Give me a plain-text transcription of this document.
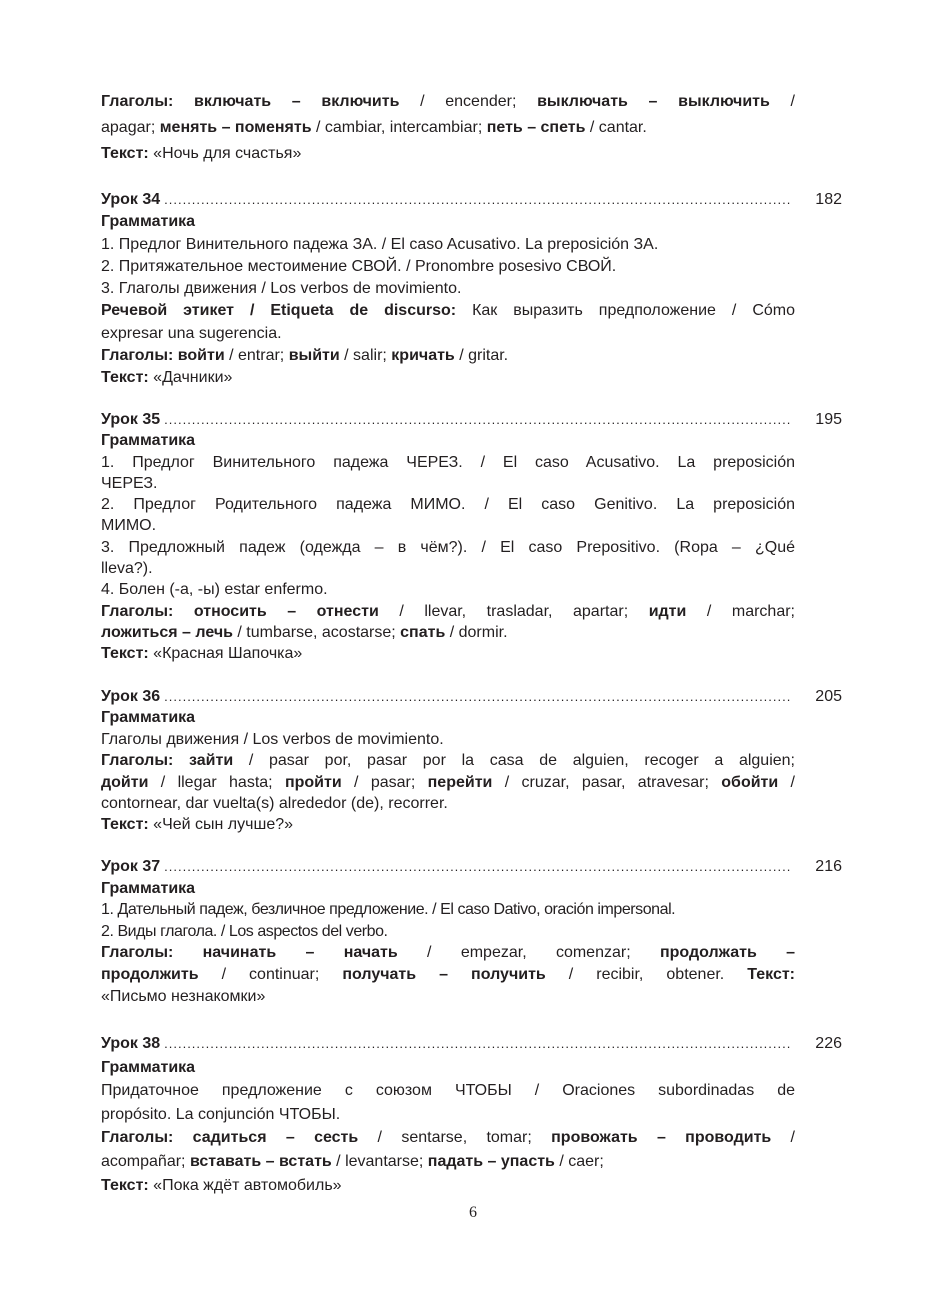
Глаголы: включать – включить / encender; выключать – выключить /
apagar; менять – поменять / cambiar, intercambiar; петь – спеть / cantar.
Текст: «Ночь для счастья»
Урок 34 .....	182
Грамматика
1. Предлог Винительного падежа ЗА. / El caso Acusativo. La preposición ЗА.
2. Притяжательное местоимение СВОЙ. / Pronombre posesivo СВОЙ.
3. Глаголы движения / Los verbos de movimiento.
Речевой этикет / Etiqueta de discurso: Как выразить предположение / Cómo
expresar una sugerencia.
Глаголы: войти / entrar; выйти / salir; кричать / gritar.
Текст: «Дачники»
Урок 35 .....	195
Грамматика
1. Предлог Винительного падежа ЧЕРЕЗ. / El caso Acusativo. La preposición
ЧЕРЕЗ.
2. Предлог Родительного падежа МИМО. / El caso Genitivo. La preposición
МИМО.
3. Предложный падеж (одежда – в чём?). / El caso Prepositivo. (Ropa – ¿Qué
lleva?).
4. Болен (-а, -ы) estar enfermo.
Глаголы: относить – отнести / llevar, trasladar, apartar; идти / marchar;
ложиться – лечь / tumbarse, acostarse; спать / dormir.
Текст: «Красная Шапочка»
Урок 36 .....	205
Грамматика
Глаголы движения / Los verbos de movimiento.
Глаголы: зайти / pasar por, pasar por la casa de alguien, recoger a alguien;
дойти / llegar hasta; пройти / pasar; перейти / cruzar, pasar, atravesar; обойти /
contornear, dar vuelta(s) alrededor (de), recorrer.
Текст: «Чей сын лучше?»
Урок 37 .....	216
Грамматика
1. Дательный падеж, безличное предложение. / El caso Dativo, oración impersonal.
2. Виды глагола. / Los aspectos del verbo.
Глаголы: начинать – начать / empezar, comenzar; продолжать –
продолжить / continuar; получать – получить / recibir, obtener. Текст:
«Письмо незнакомки»
Урок 38 .....	226
Грамматика
Придаточное предложение с союзом ЧТОБЫ / Oraciones subordinadas de
propósito. La conjunción ЧТОБЫ.
Глаголы: садиться – сесть / sentarse, tomar; провожать – проводить /
acompañar; вставать – встать / levantarse; падать – упасть / caer;
Текст: «Пока ждёт автомобиль»
6
